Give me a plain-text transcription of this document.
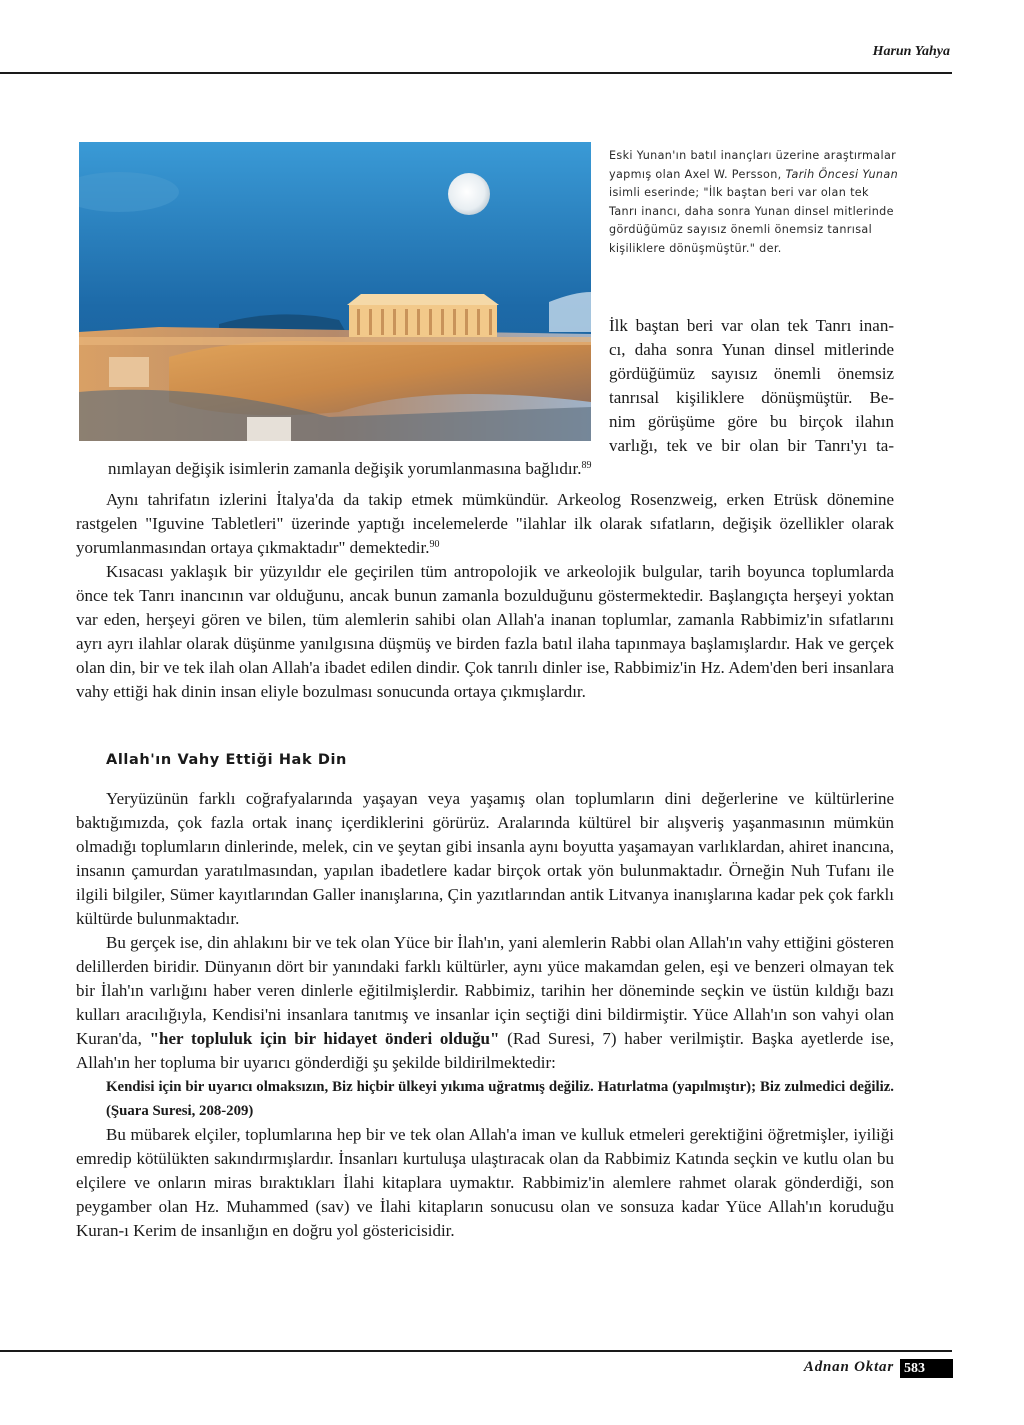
Harun Yahya

Eski Yunan'ın batıl inançları üzerine araştırmalar yapmış olan Axel W. Persson, Tarih Öncesi Yunan isimli eserinde; "İlk baştan beri var olan tek Tanrı inancı, daha sonra Yunan dinsel mitlerinde gördüğümüz sayısız önemli önemsiz tanrısal kişiliklere dönüşmüştür." der.

İlk baştan beri var olan tek Tanrı inan-

cı, daha sonra Yunan dinsel mitlerinde

gördüğümüz sayısız önemli önemsiz

tanrısal kişiliklere dönüşmüştür. Be-

nim görüşüme göre bu birçok ilahın

varlığı, tek ve bir olan bir Tanrı'yı ta-

nımlayan değişik isimlerin zamanla değişik yorumlanmasına bağlıdır.$^{89}$

Aynı tahrifatın izlerini İtalya'da da takip etmek mümkündür. Arkeolog Rosenzweig, erken Etrüsk dönemine rastgelen "Iguvine Tabletleri" üzerinde yaptığı incelemelerde "ilahlar ilk olarak sıfatların, değişik özellikler olarak yorumlanmasından ortaya çıkmaktadır" demektedir.$^{90}$

Kısacası yaklaşık bir yüzyıldır ele geçirilen tüm antropolojik ve arkeolojik bulgular, tarih boyunca toplumlarda önce tek Tanrı inancının var olduğunu, ancak bunun zamanla bozulduğunu göstermektedir. Başlangıçta herşeyi yoktan var eden, herşeyi gören ve bilen, tüm alemlerin sahibi olan Allah'a inanan toplumlar, zamanla Rabbimiz'in sıfatlarını ayrı ayrı ilahlar olarak düşünme yanılgısına düşmüş ve birden fazla batıl ilaha tapınmaya başlamışlardır. Hak ve gerçek olan din, bir ve tek ilah olan Allah'a ibadet edilen dindir. Çok tanrılı dinler ise, Rabbimiz'in Hz. Adem'den beri insanlara vahy ettiği hak dinin insan eliyle bozulması sonucunda ortaya çıkmışlardır.

Allah'ın Vahy Ettiği Hak Din

Yeryüzünün farklı coğrafyalarında yaşayan veya yaşamış olan toplumların dini değerlerine ve kültürlerine baktığımızda, çok fazla ortak inanç içerdiklerini görürüz. Aralarında kültürel bir alışveriş yaşanmasının mümkün olmadığı toplumların dinlerinde, melek, cin ve şeytan gibi insanla aynı boyutta yaşamayan varlıklardan, ahiret inancına, insanın çamurdan yaratılmasından, yapılan ibadetlere kadar birçok ortak yön bulunmaktadır. Örneğin Nuh Tufanı ile ilgili bilgiler, Sümer kayıtlarından Galler inanışlarına, Çin yazıtlarından antik Litvanya inanışlarına kadar pek çok farklı kültürde bulunmaktadır.

Bu gerçek ise, din ahlakını bir ve tek olan Yüce bir İlah'ın, yani alemlerin Rabbi olan Allah'ın vahy ettiğini gösteren delillerden biridir. Dünyanın dört bir yanındaki farklı kültürler, aynı yüce makamdan gelen, eşi ve benzeri olmayan tek bir İlah'ın varlığını haber veren dinlerle eğitilmişlerdir. Rabbimiz, tarihin her döneminde seçkin ve üstün kıldığı bazı kulları aracılığıyla, Kendisi'ni insanlara tanıtmış ve insanlar için seçtiği dini bildirmiştir. Yüce Allah'ın son vahyi olan Kuran'da, "her topluluk için bir hidayet önderi olduğu" (Rad Suresi, 7) haber verilmiştir. Başka ayetlerde ise, Allah'ın her topluma bir uyarıcı gönderdiği şu şekilde bildirilmektedir:

Kendisi için bir uyarıcı olmaksızın, Biz hiçbir ülkeyi yıkıma uğratmış değiliz. Hatırlatma (yapılmıştır); Biz zulmedici değiliz. (Şuara Suresi, 208-209)

Bu mübarek elçiler, toplumlarına hep bir ve tek olan Allah'a iman ve kulluk etmeleri gerektiğini öğretmişler, iyiliği emredip kötülükten sakındırmışlardır. İnsanları kurtuluşa ulaştıracak olan da Rabbimiz Katında seçkin ve kutlu olan bu elçilere ve onların miras bıraktıkları İlahi kitaplara uymaktır. Rabbimiz'in alemlere rahmet olarak gönderdiği, son peygamber olan Hz. Muhammed (sav) ve İlahi kitapların sonucusu olan ve sonsuza kadar Yüce Allah'ın koruduğu Kuran-ı Kerim de insanlığın en doğru yol göstericisidir.

Adnan Oktar 583
